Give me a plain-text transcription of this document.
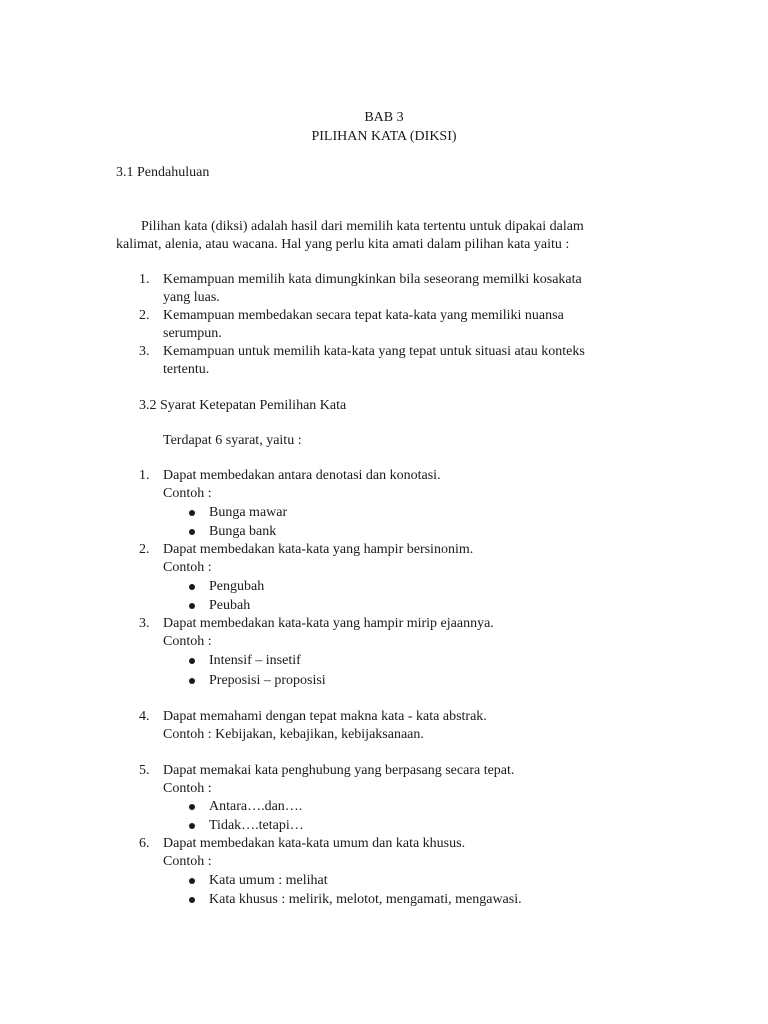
BAB 3
PILIHAN KATA (DIKSI)
3.1 Pendahuluan
Pilihan kata (diksi) adalah hasil dari memilih kata tertentu untuk dipakai dalam
kalimat, alenia, atau wacana. Hal yang perlu kita amati dalam pilihan kata yaitu :
1. Kemampuan memilih kata dimungkinkan bila seseorang memilki kosakata
yang luas.
2. Kemampuan membedakan secara tepat kata-kata yang memiliki nuansa
serumpun.
3. Kemampuan untuk memilih kata-kata yang tepat untuk situasi atau konteks
tertentu.
3.2 Syarat Ketepatan Pemilihan Kata
Terdapat 6 syarat, yaitu :
1. Dapat membedakan antara denotasi dan konotasi.
Contoh :
Bunga mawar
Bunga bank
2. Dapat membedakan kata-kata yang hampir bersinonim.
Contoh :
Pengubah
Peubah
3. Dapat membedakan kata-kata yang hampir mirip ejaannya.
Contoh :
Intensif – insetif
Preposisi – proposisi
4. Dapat memahami dengan tepat makna kata - kata abstrak.
Contoh : Kebijakan, kebajikan, kebijaksanaan.
5. Dapat memakai kata penghubung yang berpasang secara tepat.
Contoh :
Antara….dan….
Tidak….tetapi…
6. Dapat membedakan kata-kata umum dan kata khusus.
Contoh :
Kata umum : melihat
Kata khusus : melirik, melotot, mengamati, mengawasi.
